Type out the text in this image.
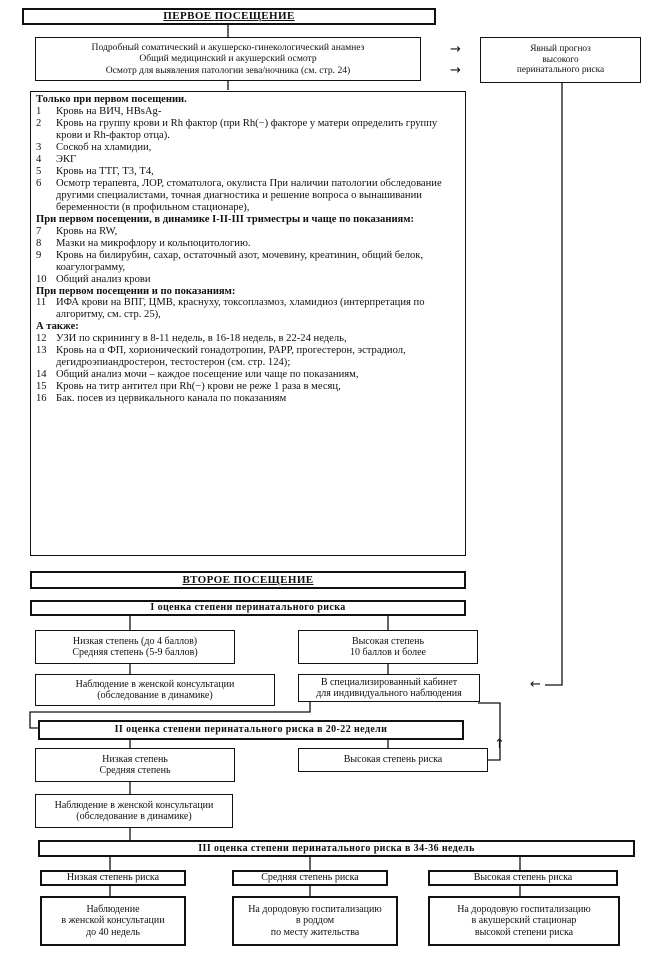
ПЕРВОЕ ПОСЕЩЕНИЕ
Подробный соматический и акушерско-гинекологический анамнез
Общий медицинский и акушерский осмотр
Осмотр для выявления патологии зева/ночника (см. стр. 24)
→
→
Явный прогноз
высокого
перинатального риска
Только при первом посещении.
1	Кровь на ВИЧ, HBsAg-
2	Кровь на группу крови и Rh фактор (при Rh(−) факторе у матери определить группу крови и Rh-фактор отца).
3	Соскоб на хламидии,
4	ЭКГ
5	Кровь на ТТГ, Т3, Т4,
6	Осмотр терапевта, ЛОР, стоматолога, окулиста При наличии патологии обследование другими специалистами, точная диагностика и решение вопроса о вынашивании беременности (в профильном стационаре),
При первом посещении, в динамике I-II-III триместры и чаще по показаниям:
7	Кровь на RW,
8	Мазки на микрофлору и кольпоцитологию.
9	Кровь на билирубин, сахар, остаточный азот, мочевину, креатинин, общий белок, коагулограмму,
10 Общий анализ крови
При первом посещении и по показаниям:
11 ИФА крови на ВПГ, ЦМВ, краснуху, токсоплазмоз, хламидиоз (интерпретация по алгоритму, см. стр. 25),
А также:
12 УЗИ по скринингу в 8-11 недель, в 16-18 недель, в 22-24 недель,
13 Кровь на α ФП, хорионический гонадотропин, РАРР, прогестерон, эстрадиол, дегидроэпиандростерон, тестостерон (см. стр. 124);
14 Общий анализ мочи – каждое посещение или чаще по показаниям,
15 Кровь на титр антител при Rh(−) крови не реже 1 раза в месяц,
16 Бак. посев из цервикального канала по показаниям
ВТОРОЕ ПОСЕЩЕНИЕ
I оценка степени перинатального риска
Низкая степень (до 4 баллов)
Средняя степень (5-9 баллов)
Высокая степень
10 баллов и более
Наблюдение в женской консультации
(обследование в динамике)
В специализированный кабинет
для индивидуального наблюдения
←
II оценка степени перинатального риска в 20-22 недели
↑
Низкая степень
Средняя степень
Высокая степень риска
Наблюдение в женской консультации
(обследование в динамике)
III оценка степени перинатального риска в 34-36 недель
Низкая степень риска	Средняя степень риска	Высокая степень риска
Наблюдение
в женской консультации
до 40 недель
На дородовую госпитализацию
в роддом
по месту жительства
На дородовую госпитализацию
в акушерский стационар
высокой степени риска
